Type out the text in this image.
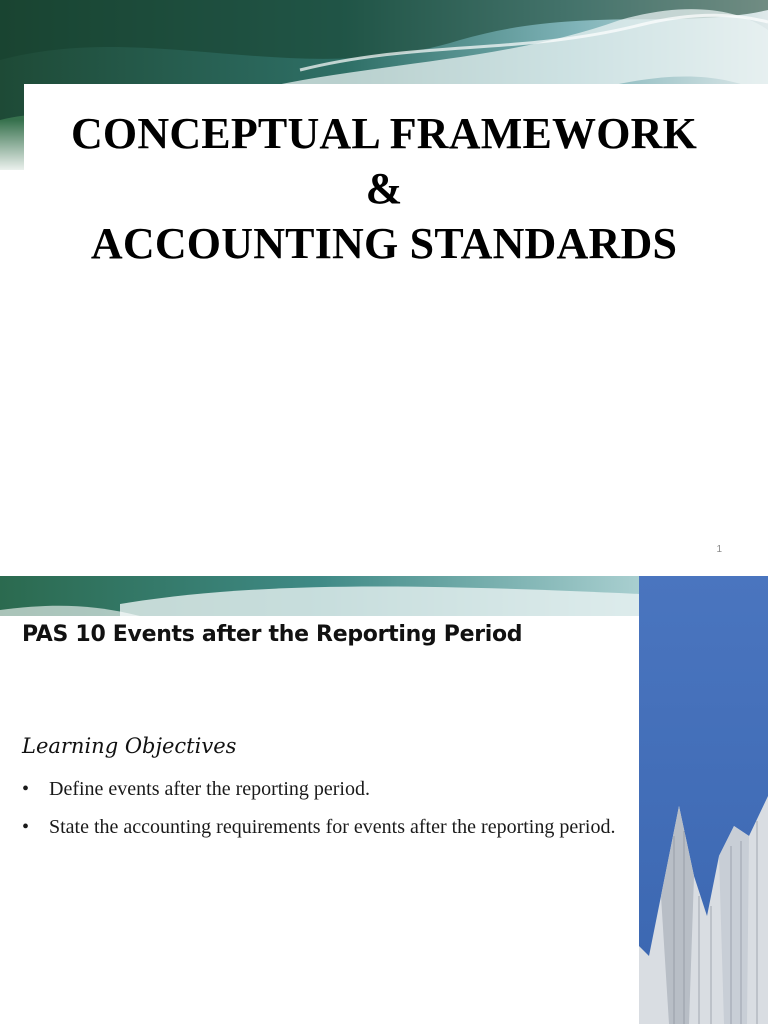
CONCEPTUAL FRAMEWORK
&
ACCOUNTING STANDARDS
1
PAS 10 Events after the Reporting Period
Learning Objectives
• Define events after the reporting period.
• State the accounting requirements for events after the reporting period.
